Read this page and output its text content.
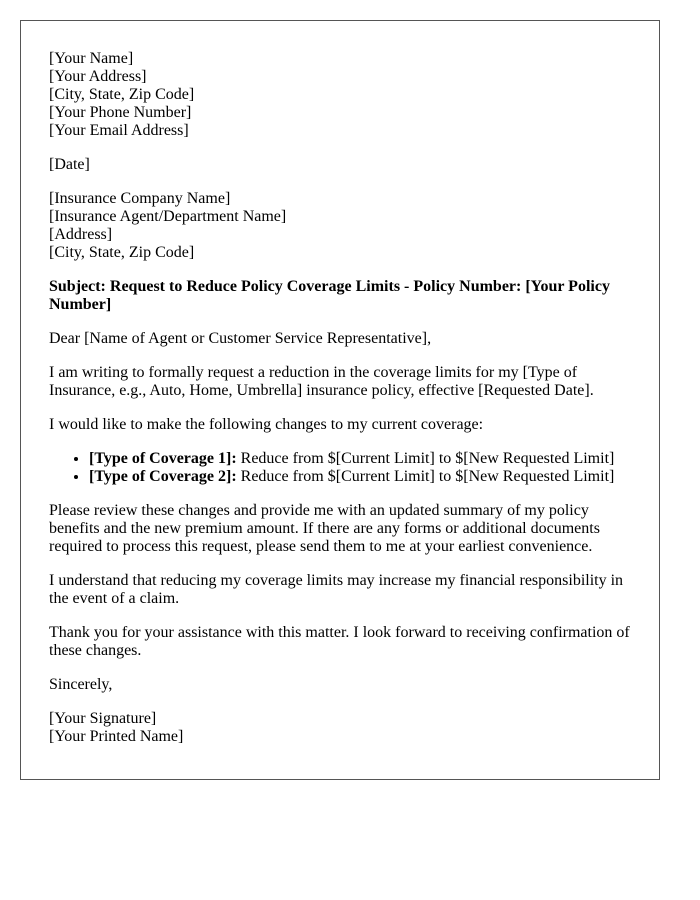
[Your Name]
[Your Address]
[City, State, Zip Code]
[Your Phone Number]
[Your Email Address]
[Date]
[Insurance Company Name]
[Insurance Agent/Department Name]
[Address]
[City, State, Zip Code]
Subject: Request to Reduce Policy Coverage Limits - Policy Number: [Your Policy Number]

Dear [Name of Agent or Customer Service Representative],

I am writing to formally request a reduction in the coverage limits for my [Type of Insurance, e.g., Auto, Home, Umbrella] insurance policy, effective [Requested Date].

I would like to make the following changes to my current coverage:

• [Type of Coverage 1]: Reduce from $[Current Limit] to $[New Requested Limit]
• [Type of Coverage 2]: Reduce from $[Current Limit] to $[New Requested Limit]

Please review these changes and provide me with an updated summary of my policy benefits and the new premium amount. If there are any forms or additional documents required to process this request, please send them to me at your earliest convenience.

I understand that reducing my coverage limits may increase my financial responsibility in the event of a claim.

Thank you for your assistance with this matter. I look forward to receiving confirmation of these changes.

Sincerely,

[Your Signature]
[Your Printed Name]
